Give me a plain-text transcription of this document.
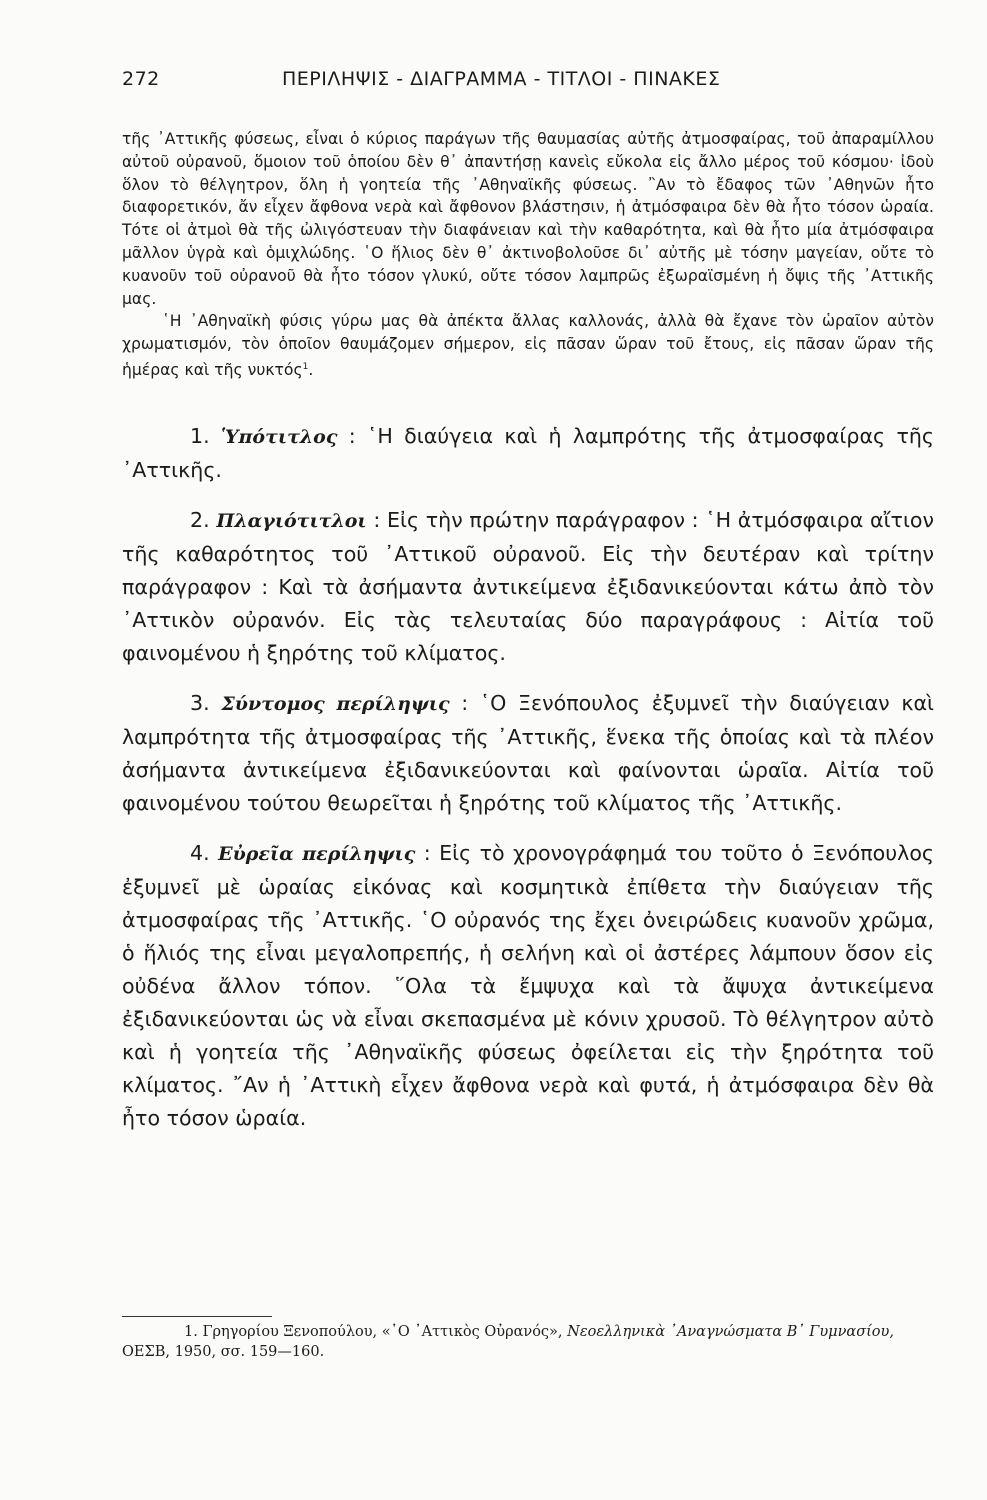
272	ΠΕΡΙΛΗΨΙΣ - ΔΙΑΓΡΑΜΜΑ - ΤΙΤΛΟΙ - ΠΙΝΑΚΕΣ

τῆς ᾿Αττικῆς φύσεως, εἶναι ὁ κύριος παράγων τῆς θαυμασίας αὐτῆς ἀτμοσφαίρας, τοῦ ἀπαραμίλλου αὐτοῦ οὐρανοῦ, ὅμοιον τοῦ ὁποίου δὲν θ᾿ ἀπαντήσῃ κανεὶς εὔκολα εἰς ἄλλο μέρος τοῦ κόσμου· ἰδοὺ ὅλον τὸ θέλγητρον, ὅλη ἡ γοητεία τῆς ᾿Αθηναϊκῆς φύσεως. ῍Αν τὸ ἔδαφος τῶν ᾿Αθηνῶν ἦτο διαφορετικόν, ἄν εἶχεν ἄφθονα νερὰ καὶ ἄφθονον βλάστησιν, ἡ ἀτμόσφαιρα δὲν θὰ ἦτο τόσον ὡραία. Τότε οἱ ἀτμοὶ θὰ τῆς ὠλιγόστευαν τὴν διαφάνειαν καὶ τὴν καθαρότητα, καὶ θὰ ἦτο μία ἀτμόσφαιρα μᾶλλον ὑγρὰ καὶ ὁμιχλώδης. ῾Ο ἥλιος δὲν θ᾿ ἀκτινοβολοῦσε δι᾿ αὐτῆς μὲ τόσην μαγείαν, οὔτε τὸ κυανοῦν τοῦ οὐρανοῦ θὰ ἦτο τόσον γλυκύ, οὔτε τόσον λαμπρῶς ἐξωραϊσμένη ἡ ὄψις τῆς ᾿Αττικῆς μας.

῾Η ᾿Αθηναϊκὴ φύσις γύρω μας θὰ ἀπέκτα ἄλλας καλλονάς, ἀλλὰ θὰ ἔχανε τὸν ὡραῖον αὐτὸν χρωματισμόν, τὸν ὁποῖον θαυμάζομεν σήμερον, εἰς πᾶσαν ὥραν τοῦ ἔτους, εἰς πᾶσαν ὥραν τῆς ἡμέρας καὶ τῆς νυκτός$^1$.

1. Ὑπότιτλος : ῾Η διαύγεια καὶ ἡ λαμπρότης τῆς ἀτμοσφαίρας τῆς ᾿Αττικῆς.

2. Πλαγιότιτλοι : Εἰς τὴν πρώτην παράγραφον : ῾Η ἀτμόσφαιρα αἴτιον τῆς καθαρότητος τοῦ ᾿Αττικοῦ οὐρανοῦ. Εἰς τὴν δευτέραν καὶ τρίτην παράγραφον : Καὶ τὰ ἀσήμαντα ἀντικείμενα ἐξιδανικεύονται κάτω ἀπὸ τὸν ᾿Αττικὸν οὐρανόν. Εἰς τὰς τελευταίας δύο παραγράφους : Αἰτία τοῦ φαινομένου ἡ ξηρότης τοῦ κλίματος.

3. Σύντομος περίληψις : ῾Ο Ξενόπουλος ἐξυμνεῖ τὴν διαύγειαν καὶ λαμπρότητα τῆς ἀτμοσφαίρας τῆς ᾿Αττικῆς, ἕνεκα τῆς ὁποίας καὶ τὰ πλέον ἀσήμαντα ἀντικείμενα ἐξιδανικεύονται καὶ φαίνονται ὡραῖα. Αἰτία τοῦ φαινομένου τούτου θεωρεῖται ἡ ξηρότης τοῦ κλίματος τῆς ᾿Αττικῆς.

4. Εὐρεῖα περίληψις : Εἰς τὸ χρονογράφημά του τοῦτο ὁ Ξενόπουλος ἐξυμνεῖ μὲ ὡραίας εἰκόνας καὶ κοσμητικὰ ἐπίθετα τὴν διαύγειαν τῆς ἀτμοσφαίρας τῆς ᾿Αττικῆς. ῾Ο οὐρανός της ἔχει ὀνειρώδεις κυανοῦν χρῶμα, ὁ ἥλιός της εἶναι μεγαλοπρεπής, ἡ σελήνη καὶ οἱ ἀστέρες λάμπουν ὅσον εἰς οὐδένα ἄλλον τόπον. ῞Ολα τὰ ἔμψυχα καὶ τὰ ἄψυχα ἀντικείμενα ἐξιδανικεύονται ὡς νὰ εἶναι σκεπασμένα μὲ κόνιν χρυσοῦ. Τὸ θέλγητρον αὐτὸ καὶ ἡ γοητεία τῆς ᾿Αθηναϊκῆς φύσεως ὀφείλεται εἰς τὴν ξηρότητα τοῦ κλίματος. ῎Αν ἡ ᾿Αττικὴ εἶχεν ἄφθονα νερὰ καὶ φυτά, ἡ ἀτμόσφαιρα δὲν θὰ ἦτο τόσον ὡραία.

1. Γρηγορίου Ξενοπούλου, «῾Ο ᾿Αττικὸς Οὐρανός», Νεοελληνικὰ ᾿Αναγνώσματα Β᾿ Γυμνασίου, ΟΕΣΒ, 1950, σσ. 159—160.
